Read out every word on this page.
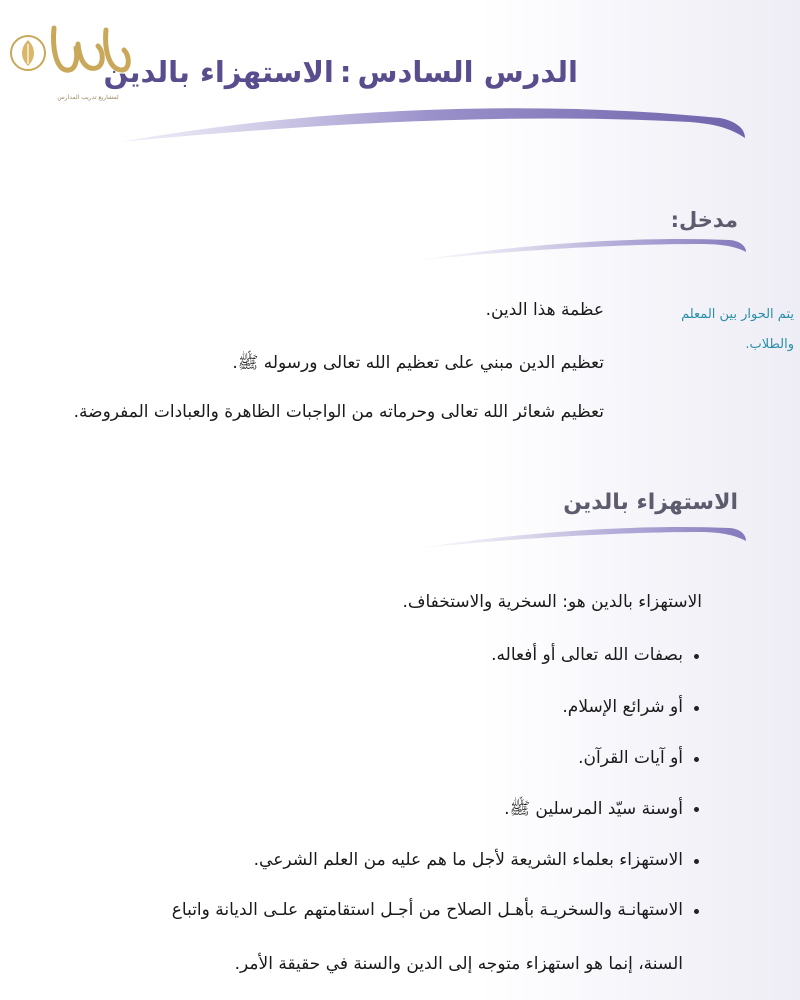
لمشاريع تدريب المدارس
الدرس السادس:الاستهزاء بالدين
مدخل:
يتم الحوار بين المعلم
والطلاب.
عظمة هذا الدين.
تعظيم الدين مبني على تعظيم الله تعالى ورسوله ﷺ.
تعظيم شعائر الله تعالى وحرماته من الواجبات الظاهرة والعبادات المفروضة.
الاستهزاء بالدين
الاستهزاء بالدين هو: السخرية والاستخفاف.
بصفات الله تعالى أو أفعاله.
أو شرائع الإسلام.
أو آيات القرآن.
أوسنة سيّد المرسلين ﷺ.
الاستهزاء بعلماء الشريعة لأجل ما هم عليه من العلم الشرعي.
الاستهانـة والسخريـة بأهـل الصلاح من أجـل استقامتهم علـى الديانة واتباع
السنة، إنما هو استهزاء متوجه إلى الدين والسنة في حقيقة الأمر.
